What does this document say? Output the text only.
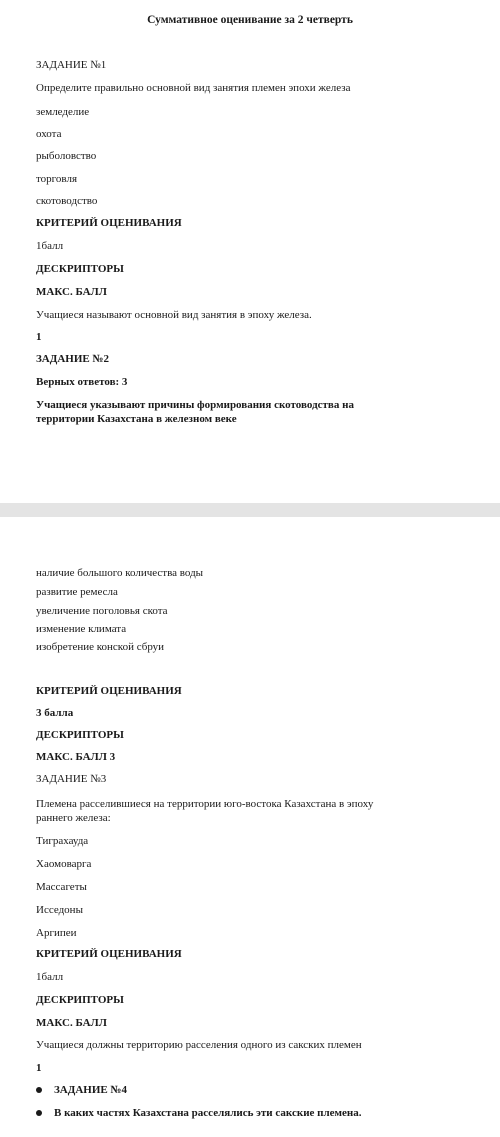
Суммативное оценивание за 2 четверть
ЗАДАНИЕ №1
Определите правильно основной вид занятия племен эпохи железа
земледелие
охота
рыболовство
торговля
скотоводство
КРИТЕРИЙ ОЦЕНИВАНИЯ
1балл
ДЕСКРИПТОРЫ
МАКС. БАЛЛ
Учащиеся называют основной вид занятия в эпоху железа.
1
ЗАДАНИЕ №2
Верных ответов: 3
Учащиеся указывают причины формирования скотоводства на территории Казахстана в железном веке
наличие большого количества воды
развитие ремесла
увеличение поголовья скота
изменение климата
изобретение конской сбруи
КРИТЕРИЙ ОЦЕНИВАНИЯ
3 балла
ДЕСКРИПТОРЫ
МАКС. БАЛЛ 3
ЗАДАНИЕ №3
Племена расселившиеся на территории юго-востока Казахстана в эпоху раннего железа:
Тиграхауда
Хаомоварга
Массагеты
Исседоны
Аргипеи
КРИТЕРИЙ ОЦЕНИВАНИЯ
1балл
ДЕСКРИПТОРЫ
МАКС. БАЛЛ
Учащиеся должны территорию расселения одного из сакских племен
1
ЗАДАНИЕ №4
В каких частях Казахстана расселялись эти сакские племена.
